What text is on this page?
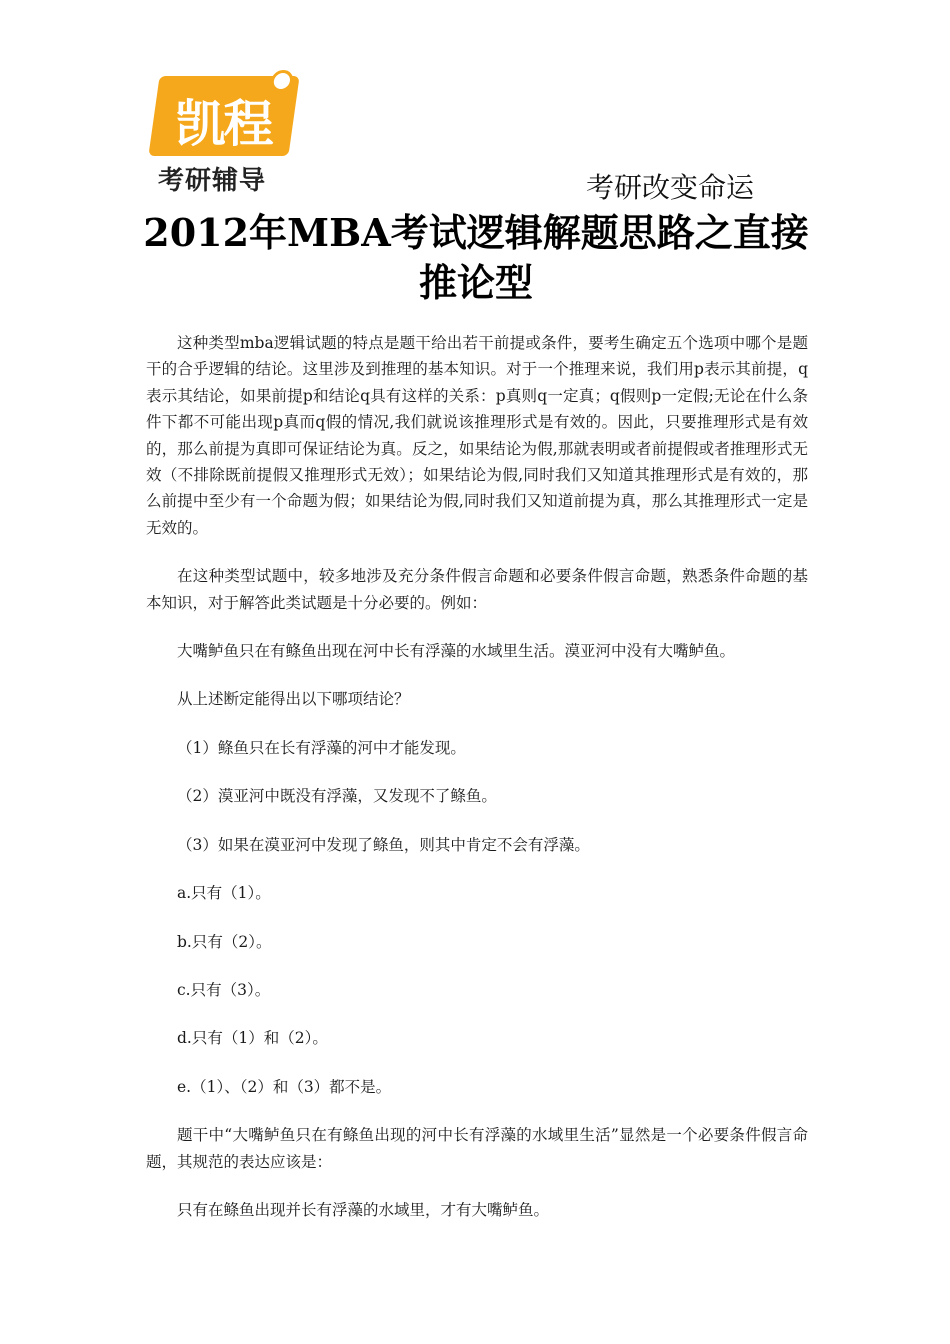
凯程
考研辅导	考研改变命运
2012年MBA考试逻辑解题思路之直接推论型

这种类型mba逻辑试题的特点是题干给出若干前提或条件，要考生确定五个选项中哪个是题干的合乎逻辑的结论。这里涉及到推理的基本知识。对于一个推理来说，我们用p表示其前提，q表示其结论，如果前提p和结论q具有这样的关系：p真则q一定真；q假则p一定假;无论在什么条件下都不可能出现p真而q假的情况,我们就说该推理形式是有效的。因此，只要推理形式是有效的，那么前提为真即可保证结论为真。反之，如果结论为假,那就表明或者前提假或者推理形式无效（不排除既前提假又推理形式无效）；如果结论为假,同时我们又知道其推理形式是有效的，那么前提中至少有一个命题为假；如果结论为假,同时我们又知道前提为真，那么其推理形式一定是无效的。

在这种类型试题中，较多地涉及充分条件假言命题和必要条件假言命题，熟悉条件命题的基本知识，对于解答此类试题是十分必要的。例如：

大嘴鲈鱼只在有鲦鱼出现在河中长有浮藻的水域里生活。漠亚河中没有大嘴鲈鱼。

从上述断定能得出以下哪项结论？

（1）鲦鱼只在长有浮藻的河中才能发现。

（2）漠亚河中既没有浮藻，又发现不了鲦鱼。

（3）如果在漠亚河中发现了鲦鱼，则其中肯定不会有浮藻。

a.只有（1）。

b.只有（2）。

c.只有（3）。

d.只有（1）和（2）。

e.（1）、（2）和（3）都不是。

题干中“大嘴鲈鱼只在有鲦鱼出现的河中长有浮藻的水域里生活”显然是一个必要条件假言命题，其规范的表达应该是：

只有在鲦鱼出现并长有浮藻的水域里，才有大嘴鲈鱼。
